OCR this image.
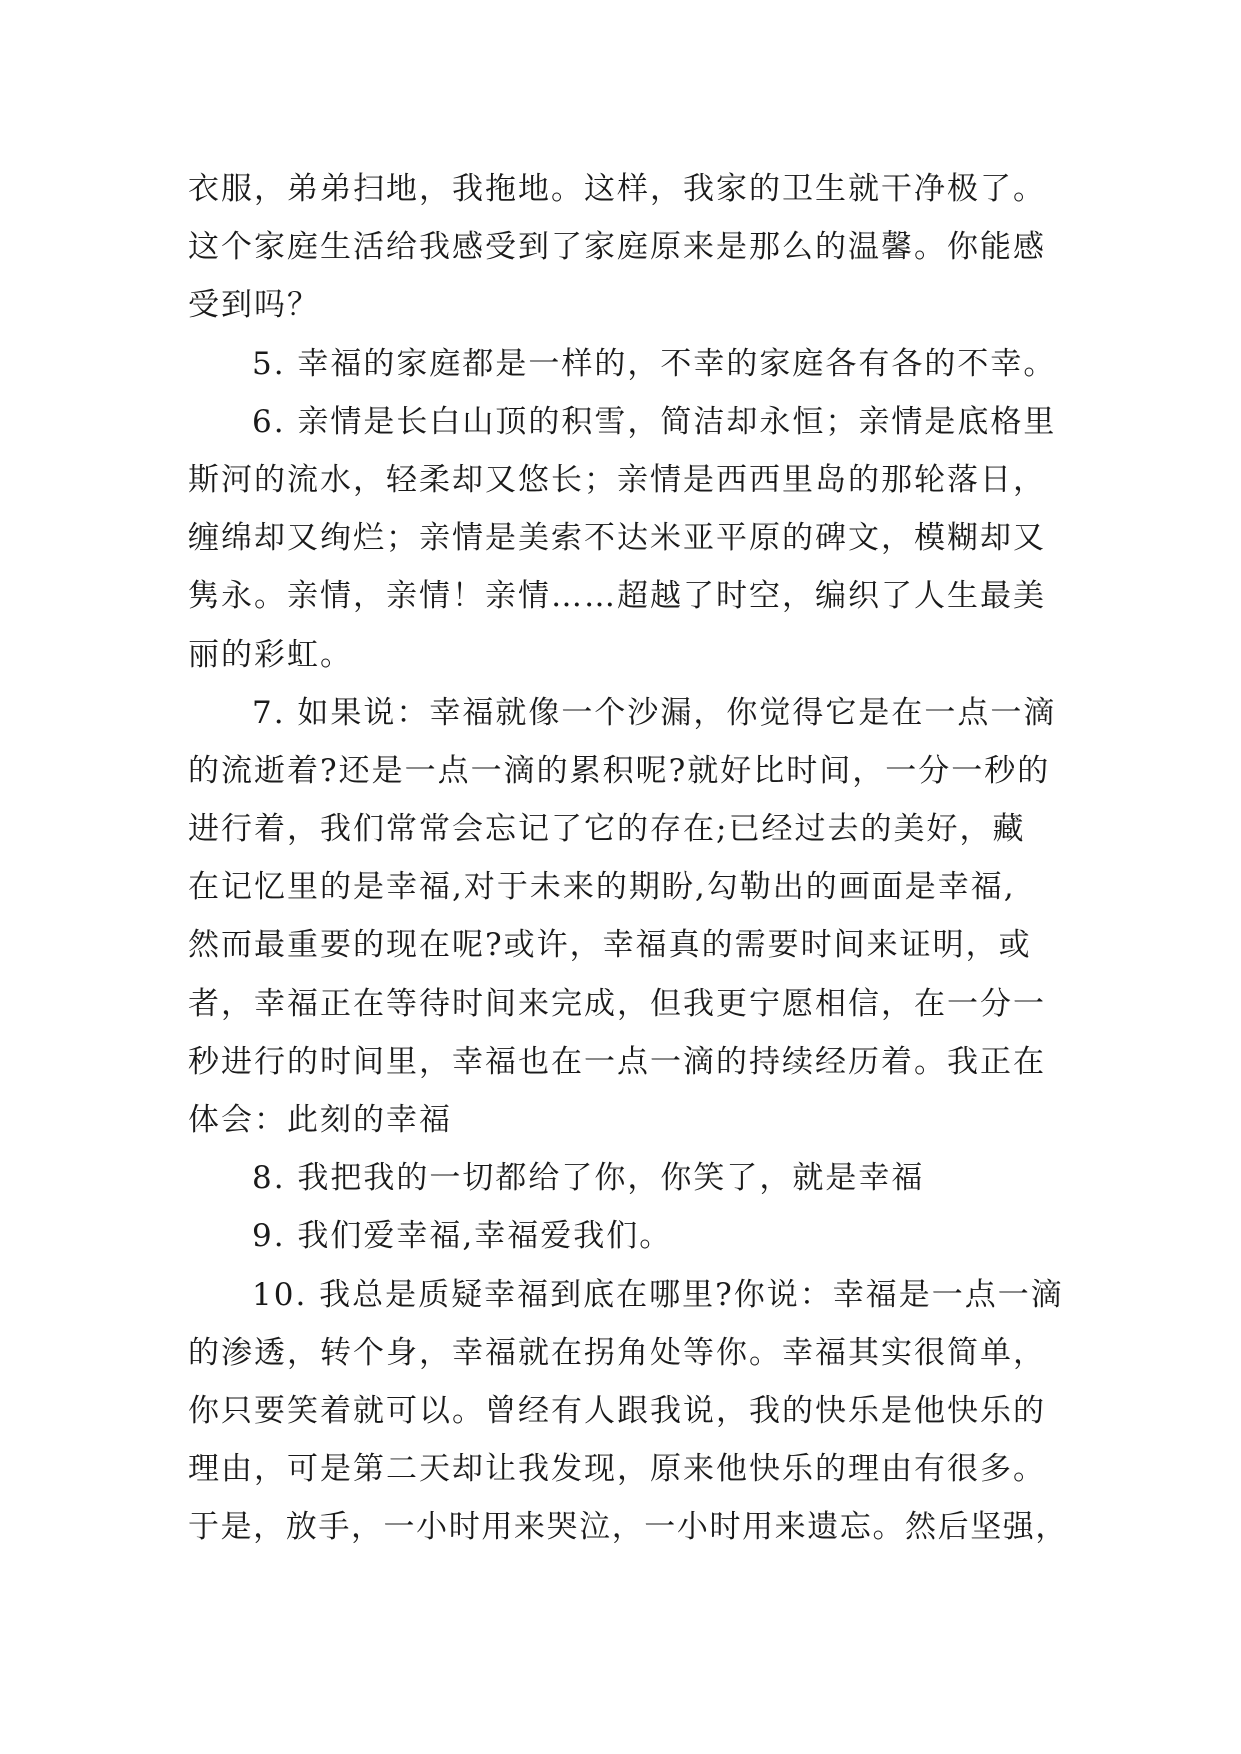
衣服，弟弟扫地，我拖地。这样，我家的卫生就干净极了。
这个家庭生活给我感受到了家庭原来是那么的温馨。你能感
受到吗？
5. 幸福的家庭都是一样的，不幸的家庭各有各的不幸。
6. 亲情是长白山顶的积雪，简洁却永恒；亲情是底格里
斯河的流水，轻柔却又悠长；亲情是西西里岛的那轮落日，
缠绵却又绚烂；亲情是美索不达米亚平原的碑文，模糊却又
隽永。亲情，亲情！亲情……超越了时空，编织了人生最美
丽的彩虹。
7. 如果说：幸福就像一个沙漏，你觉得它是在一点一滴
的流逝着?还是一点一滴的累积呢?就好比时间，一分一秒的
进行着，我们常常会忘记了它的存在;已经过去的美好，藏
在记忆里的是幸福,对于未来的期盼,勾勒出的画面是幸福,
然而最重要的现在呢?或许，幸福真的需要时间来证明，或
者，幸福正在等待时间来完成，但我更宁愿相信，在一分一
秒进行的时间里，幸福也在一点一滴的持续经历着。我正在
体会：此刻的幸福
8. 我把我的一切都给了你，你笑了，就是幸福
9. 我们爱幸福,幸福爱我们。
10. 我总是质疑幸福到底在哪里?你说：幸福是一点一滴
的渗透，转个身，幸福就在拐角处等你。幸福其实很简单，
你只要笑着就可以。曾经有人跟我说，我的快乐是他快乐的
理由，可是第二天却让我发现，原来他快乐的理由有很多。
于是，放手，一小时用来哭泣，一小时用来遗忘。然后坚强，
